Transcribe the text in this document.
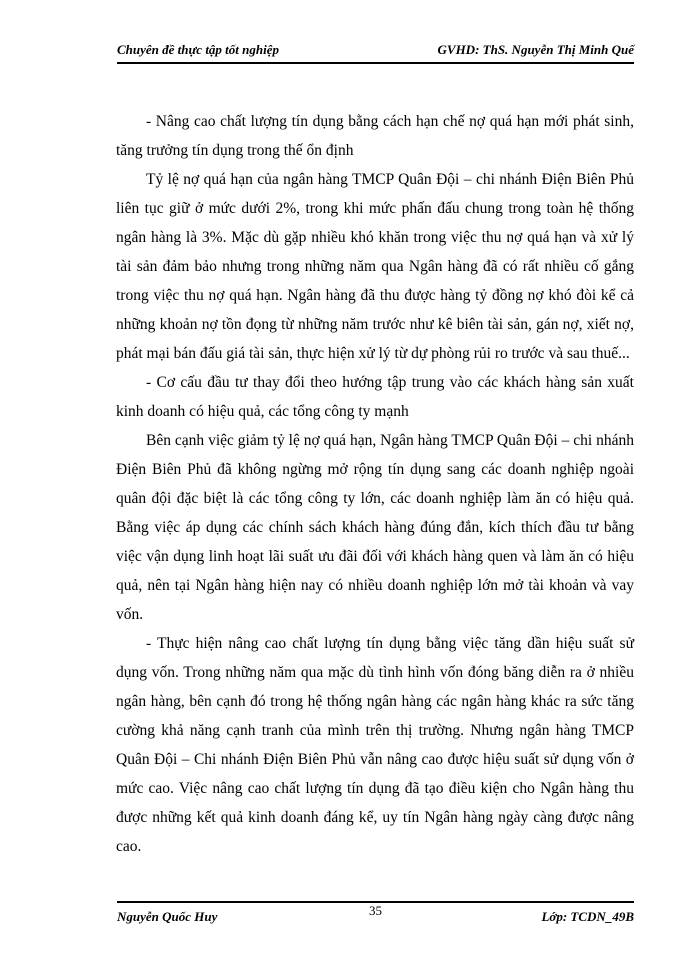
Chuyên đề thực tập tốt nghiệp	GVHD: ThS. Nguyễn Thị Minh Quế

- Nâng cao chất lượng tín dụng bằng cách hạn chế nợ quá hạn mới phát sinh, tăng trưởng tín dụng trong thế ổn định

Tỷ lệ nợ quá hạn của ngân hàng TMCP Quân Đội – chi nhánh Điện Biên Phủ liên tục giữ ở mức dưới 2%, trong khi mức phấn đấu chung trong toàn hệ thống ngân hàng là 3%. Mặc dù gặp nhiều khó khăn trong việc thu nợ quá hạn và xử lý tài sản đảm bảo nhưng trong những năm qua Ngân hàng đã có rất nhiều cố gắng trong việc thu nợ quá hạn. Ngân hàng đã thu được hàng tỷ đồng nợ khó đòi kể cả những khoản nợ tồn đọng từ những năm trước như kê biên tài sản, gán nợ, xiết nợ, phát mại bán đấu giá tài sản, thực hiện xử lý từ dự phòng rủi ro trước và sau thuế...

- Cơ cấu đầu tư thay đổi theo hướng tập trung vào các khách hàng sản xuất kinh doanh có hiệu quả, các tổng công ty mạnh

Bên cạnh việc giảm tỷ lệ nợ quá hạn, Ngân hàng TMCP Quân Đội – chi nhánh Điện Biên Phủ đã không ngừng mở rộng tín dụng sang các doanh nghiệp ngoài quân đội đặc biệt là các tổng công ty lớn, các doanh nghiệp làm ăn có hiệu quả. Bằng việc áp dụng các chính sách khách hàng đúng đắn, kích thích đầu tư bằng việc vận dụng linh hoạt lãi suất ưu đãi đối với khách hàng quen và làm ăn có hiệu quả, nên tại Ngân hàng hiện nay có nhiều doanh nghiệp lớn mở tài khoản và vay vốn.

- Thực hiện nâng cao chất lượng tín dụng bằng việc tăng dần hiệu suất sử dụng vốn. Trong những năm qua mặc dù tình hình vốn đóng băng diễn ra ở nhiều ngân hàng, bên cạnh đó trong hệ thống ngân hàng các ngân hàng khác ra sức tăng cường khả năng cạnh tranh của mình trên thị trường. Nhưng ngân hàng TMCP Quân Đội – Chi nhánh Điện Biên Phủ vẫn nâng cao được hiệu suất sử dụng vốn ở mức cao. Việc nâng cao chất lượng tín dụng đã tạo điều kiện cho Ngân hàng thu được những kết quả kinh doanh đáng kể, uy tín Ngân hàng ngày càng được nâng cao.

Nguyễn Quốc Huy	35	Lớp: TCDN_49B
